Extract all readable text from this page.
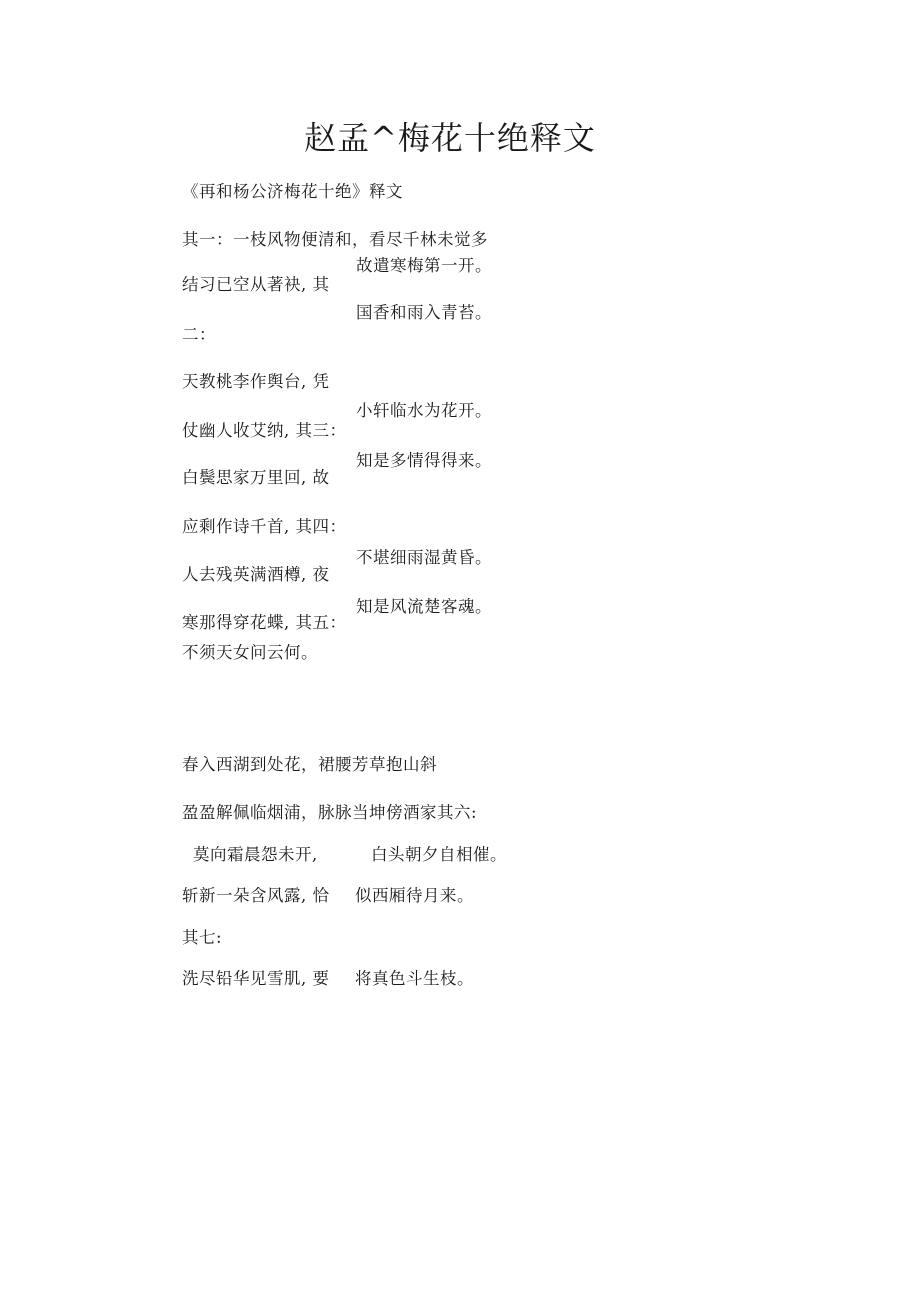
赵孟^梅花十绝释文
《再和杨公济梅花十绝》释文
其一：一枝风物便清和，看尽千林未觉多
结习已空从著袂, 其
二：
天教桃李作舆台, 凭
仗幽人收艾纳, 其三：
白鬓思家万里回, 故
应剩作诗千首, 其四：
人去残英满酒樽, 夜
寒那得穿花蝶, 其五：
不须天女问云何。
故遣寒梅第一开。
国香和雨入青苔。
小轩临水为花开。
知是多情得得来。
不堪细雨湿黄昏。
知是风流楚客魂。
春入西湖到处花，裙腰芳草抱山斜
盈盈解佩临烟浦，脉脉当坤傍酒家其六:
莫向霜晨怨未开,	白头朝夕自相催。
斩新一朵含风露, 恰 似西厢待月来。
其七:
洗尽铅华见雪肌, 要 将真色斗生枝。
